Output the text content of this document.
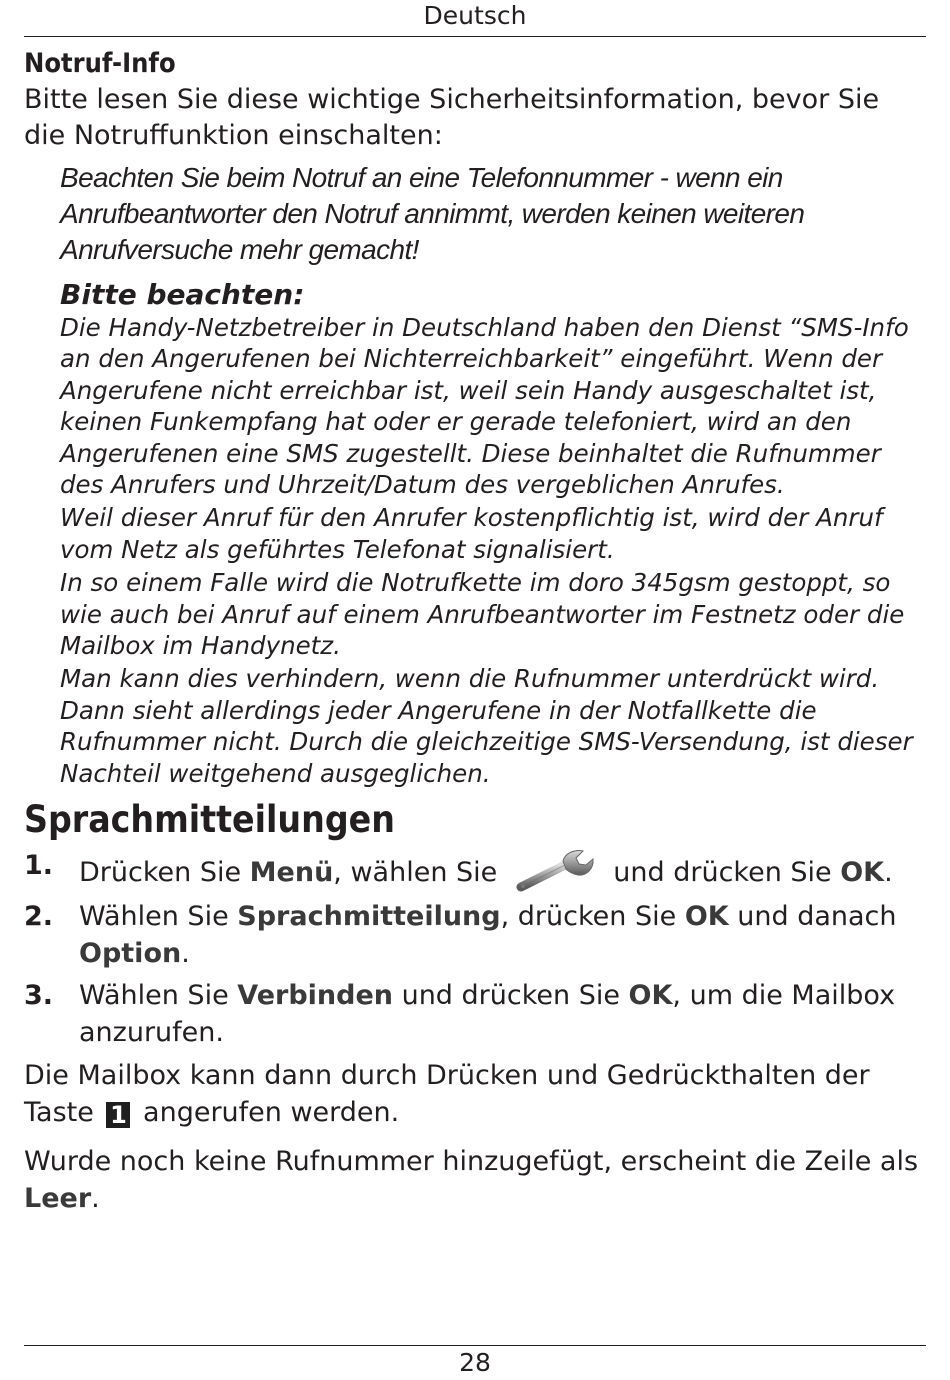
Deutsch
Notruf-Info

Bitte lesen Sie diese wichtige Sicherheitsinformation, bevor Sie die Notruffunktion einschalten:

Beachten Sie beim Notruf an eine Telefonnummer - wenn ein Anrufbeantworter den Notruf annimmt, werden keinen weiteren Anrufversuche mehr gemacht!

Bitte beachten:

Die Handy-Netzbetreiber in Deutschland haben den Dienst “SMS-Info an den Angerufenen bei Nichterreichbarkeit” eingeführt. Wenn der Angerufene nicht erreichbar ist, weil sein Handy ausgeschaltet ist, keinen Funkempfang hat oder er gerade telefoniert, wird an den Angerufenen eine SMS zugestellt. Diese beinhaltet die Rufnummer des Anrufers und Uhrzeit/Datum des vergeblichen Anrufes.

Weil dieser Anruf für den Anrufer kostenpflichtig ist, wird der Anruf vom Netz als geführtes Telefonat signalisiert.

In so einem Falle wird die Notrufkette im doro 345gsm gestoppt, so wie auch bei Anruf auf einem Anrufbeantworter im Festnetz oder die Mailbox im Handynetz.

Man kann dies verhindern, wenn die Rufnummer unterdrückt wird. Dann sieht allerdings jeder Angerufene in der Notfallkette die Rufnummer nicht. Durch die gleichzeitige SMS-Versendung, ist dieser Nachteil weitgehend ausgeglichen.

Sprachmitteilungen
1. Drücken Sie Menü, wählen Sie	und drücken Sie OK.
2. Wählen Sie Sprachmitteilung, drücken Sie OK und danach Option.
3. Wählen Sie Verbinden und drücken Sie OK, um die Mailbox anzurufen.

Die Mailbox kann dann durch Drücken und Gedrückthalten der Taste 1 angerufen werden.

Wurde noch keine Rufnummer hinzugefügt, erscheint die Zeile als Leer.

28
